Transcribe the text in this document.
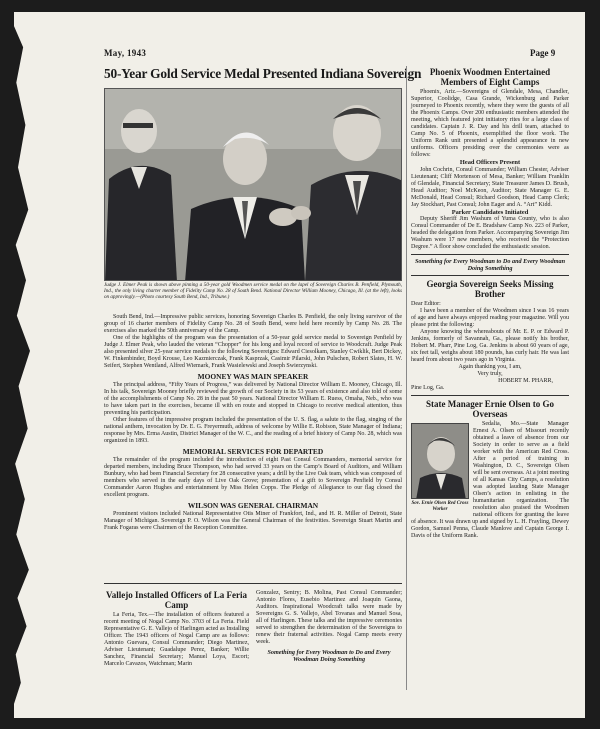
May, 1943	Page 9
50-Year Gold Service Medal Presented Indiana Sovereign
Judge J. Elmer Peak is shown above pinning a 50-year gold Woodmen service medal on the lapel of Sovereign Charles B. Penfield, Plymouth, Ind., the only living charter member of Fidelity Camp No. 28 of South Bend. National Director William Mooney, Chicago, Ill. (at the left), looks on approvingly.—(Photo courtesy South Bend, Ind., Tribune.)

South Bend, Ind.—Impressive public services, honoring Sovereign Charles B. Penfield, the only living survivor of the group of 16 charter members of Fidelity Camp No. 28 of South Bend, were held here recently by Camp No. 28. The exercises also marked the 50th anniversary of the Camp.

One of the highlights of the program was the presentation of a 50-year gold service medal to Sovereign Penfield by Judge J. Elmer Peak, who lauded the veteran “Chopper” for his long and loyal record of service to Woodcraft. Judge Peak also presented silver 25-year service medals to the following Sovereigns: Edward Ciesolkam, Stanley Cwiklik, Bert Dickey, W. Finkenbinder, Boyd Krouse, Leo Kazmierczak, Frank Kasprzak, Casimir Pilarski, John Pulschen, Robert Slates, H. W. Seifert, Stephen Wentland, Alfred Wiemark, Frank Wasielewski and Joseph Swierzynski.

MOONEY WAS MAIN SPEAKER

The principal address, “Fifty Years of Progress,” was delivered by National Director William E. Mooney, Chicago, Ill. In his talk, Sovereign Mooney briefly reviewed the growth of our Society in its 53 years of existence and also told of some of the accomplishments of Camp No. 28 in the past 50 years. National Director William E. Ruess, Omaha, Neb., who was to have taken part in the exercises, became ill with en route and stopped in Chicago to receive medical attention, thus preventing his participation.

Other features of the impressive program included the presentation of the U. S. flag, a salute to the flag, singing of the national anthem, invocation by Dr. E. G. Freyermuth, address of welcome by Willie E. Robison, State Manager of Indiana; response by Mrs. Erma Austin, District Manager of the W. C., and the reading of a brief history of Camp No. 28, which was organized in 1893.

MEMORIAL SERVICES FOR DEPARTED

The remainder of the program included the introduction of eight Past Consul Commanders, memorial service for departed members, including Bruce Thompson, who had served 33 years on the Camp’s Board of Auditors, and William Bunbury, who had been Financial Secretary for 28 consecutive years; a drill by the Live Oak team, which was composed of members who served in the early days of Live Oak Grove; presentation of a gift to Sovereign Penfield by Consul Commander Aaron Hughes and entertainment by Miss Helen Copps. The Pledge of Allegiance to our flag closed the excellent program.

WILSON WAS GENERAL CHAIRMAN

Prominent visitors included National Representative Otis Miner of Frankfort, Ind., and H. R. Miller of Detroit, State Manager of Michigan. Sovereign P. O. Wilson was the General Chairman of the festivities. Sovereign Stuart Martin and Frank Fogaras were Chairmen of the Reception Committee.

Vallejo Installed Officers of La Feria Camp

La Feria, Tex.—The installation of officers featured a recent meeting of Nogal Camp No. 3703 of La Feria. Field Representative G. E. Vallejo of Harlingen acted as Installing Officer. The 1943 officers of Nogal Camp are as follows: Antonio Guevara, Consul Commander; Diego Martinez, Adviser Lieutenant; Guadalupe Perez, Banker; Willie Sanchez, Financial Secretary; Manuel Loya, Escort; Marcelo Cavazos, Watchman; Marin

Gonzalez, Sentry; B. Molina, Past Consul Commander; Antonio Flores, Eusebio Martinez and Joaquin Gaona, Auditors. Inspirational Woodcraft talks were made by Sovereigns G. S. Vallejo, Abel Tovanas and Manuel Sosa, all of Harlingen. These talks and the impressive ceremonies served to strengthen the determination of the Sovereigns to renew their fraternal activities. Nogal Camp meets every week.

Something for Every Woodman to Do and Every Woodman Doing Something
Phoenix Woodmen Entertained Members of Eight Camps

Phoenix, Ariz.—Sovereigns of Glendale, Mesa, Chandler, Superior, Coolidge, Casa Grande, Wickenburg and Parker journeyed to Phoenix recently, where they were the guests of all the Phoenix Camps. Over 200 enthusiastic members attended the meeting, which featured joint initiatory rites for a large class of candidates. Captain J. R. Day and his drill team, attached to Camp No. 5 of Phoenix, exemplified the floor work. The Uniform Rank unit presented a splendid appearance in new uniforms. Officers presiding over the ceremonies were as follows:

Head Officers Present

John Cochrin, Consul Commander; William Chester, Adviser Lieutenant; Cliff Mortenson of Mesa, Banker; William Franklin of Glendale, Financial Secretary; State Treasurer James D. Brush, Head Auditor; Noel McKeon, Auditor; State Manager G. E. McDonald, Head Consul; Richard Goodson, Head Camp Clerk; Jay Stockhart, Past Consul; John Eager and A. “Art” Kidd.

Parker Candidates Initiated

Deputy Sheriff Jim Washum of Yuma County, who is also Consul Commander of De E. Bradshaw Camp No. 223 of Parker, headed the delegation from Parker. Accompanying Sovereign Jim Washum were 17 new members, who received the “Protection Degree.” A floor show concluded the enthusiastic session.

Something for Every Woodman to Do and Every Woodman Doing Something
Georgia Sovereign Seeks Missing Brother

Dear Editor:

I have been a member of the Woodmen since I was 16 years of age and have always enjoyed reading your magazine. Will you please print the following:

Anyone knowing the whereabouts of Mr. E. P. or Edward P. Jenkins, formerly of Savannah, Ga., please notify his brother, Hobert M. Pharr, Pine Log, Ga. Jenkins is about 60 years of age, six feet tall, weighs about 180 pounds, has curly hair. He was last heard from about two years ago in Virginia.

Again thanking you, I am,

Very truly,

HOBERT M. PHARR,

Pine Log, Ga.

State Manager Ernie Olsen to Go Overseas
Sov. Ernie Olsen Red Cross Worker

Sedalia, Mo.—State Manager Ernest A. Olsen of Missouri recently obtained a leave of absence from our Society in order to serve as a field worker with the American Red Cross. After a period of training in Washington, D. C., Sovereign Olsen will be sent overseas. At a joint meeting of all Kansas City Camps, a resolution was adopted lauding State Manager Olsen’s action in enlisting in the humanitarian organization. The resolution also praised the Woodmen national officers for granting the leave of absence. It was drawn up and signed by L. H. Frayling, Dewey Gordon, Samuel Penna, Claude Manlove and Captain George I. Davis of the Uniform Rank.
